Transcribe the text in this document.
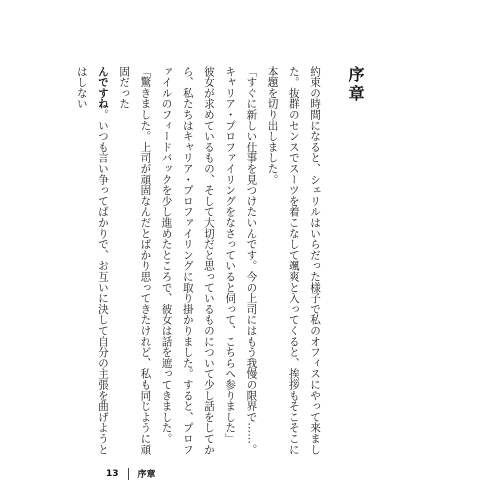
序章

約束の時間になると、シェリルはいらだった様子で私のオフィスにやって来ました。抜群のセンスでスーツを着こなして颯爽と入ってくると、挨拶もそこそこに本題を切り出しました。

「すぐに新しい仕事を見つけたいんです。今の上司にはもう我慢の限界で……。キャリア・プロファイリングをなさっていると伺って、こちらへ参りました」

彼女が求めているもの、そして大切だと思っているものについて少し話をしてから、私たちはキャリア・プロファイリングに取り掛かりました。すると、プロファイルのフィードバックを少し進めたところで、彼女は話を遮ってきました。

「驚きました。上司が頑固なんだとばかり思ってきたけれど、私も同じように頑固だった

んですね。いつも言い争ってばかりで、お互いに決して自分の主張を曲げようとはしない

13 序章
